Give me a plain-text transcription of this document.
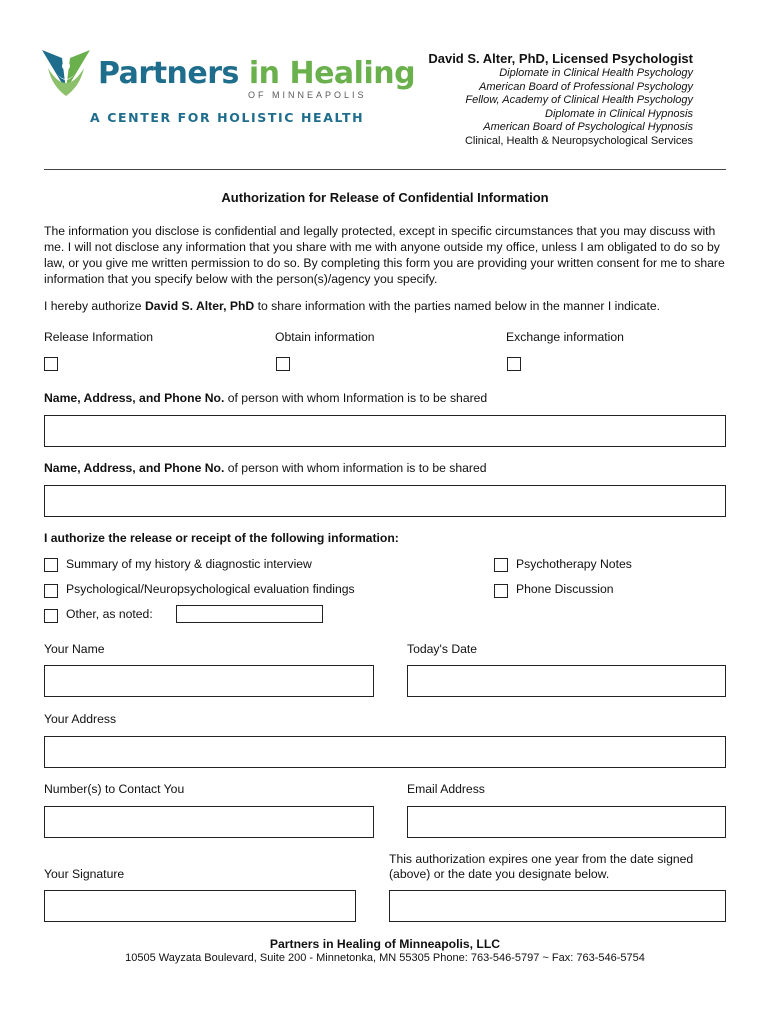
Partners in Healing
OF MINNEAPOLIS
A CENTER FOR HOLISTIC HEALTH
David S. Alter, PhD, Licensed Psychologist
Diplomate in Clinical Health Psychology
American Board of Professional Psychology
Fellow, Academy of Clinical Health Psychology
Diplomate in Clinical Hypnosis
American Board of Psychological Hypnosis
Clinical, Health & Neuropsychological Services
Authorization for Release of Confidential Information
The information you disclose is confidential and legally protected, except in specific circumstances that you may discuss with me. I will not disclose any information that you share with me with anyone outside my office, unless I am obligated to do so by law, or you give me written permission to do so. By completing this form you are providing your written consent for me to share information that you specify below with the person(s)/agency you specify.
I hereby authorize David S. Alter, PhD to share information with the parties named below in the manner I indicate.
Release Information	Obtain information	Exchange information
Name, Address, and Phone No. of person with whom Information is to be shared
Name, Address, and Phone No. of person with whom information is to be shared
I authorize the release or receipt of the following information:
Summary of my history & diagnostic interview	Psychotherapy Notes
Psychological/Neuropsychological evaluation findings	Phone Discussion
Other, as noted:
Your Name	Today's Date
Your Address
Number(s) to Contact You	Email Address
This authorization expires one year from the date signed
(above) or the date you designate below.
Your Signature
Partners in Healing of Minneapolis, LLC
10505 Wayzata Boulevard, Suite 200 - Minnetonka, MN 55305 Phone: 763-546-5797 ~ Fax: 763-546-5754
